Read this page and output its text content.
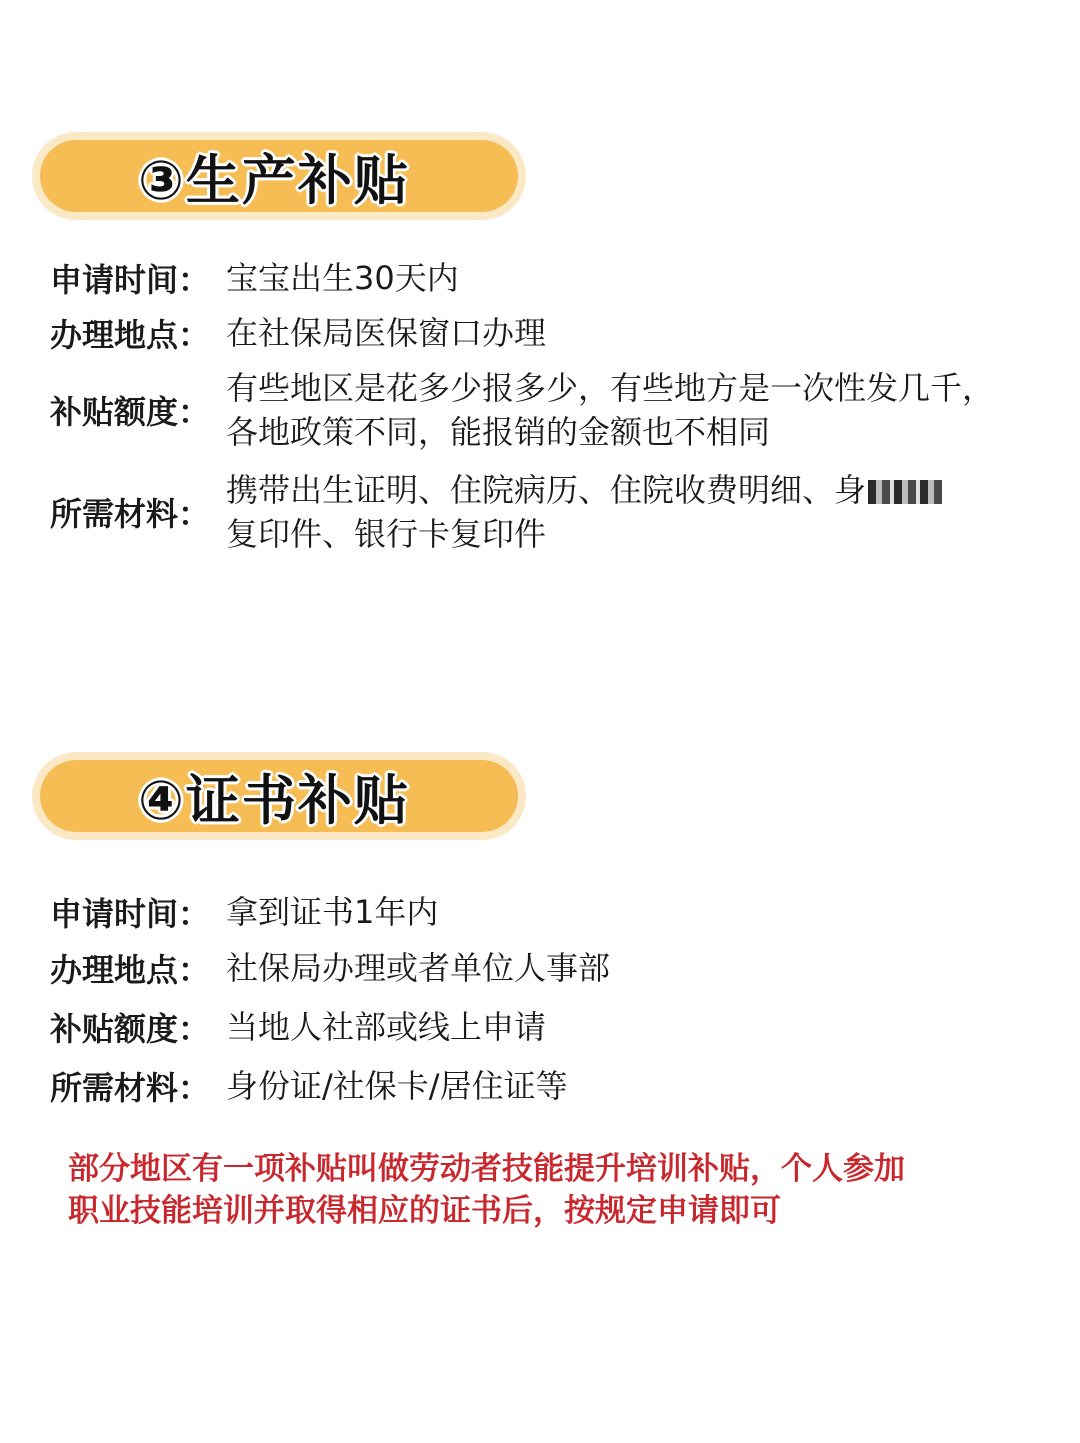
③生产补贴
申请时间： 宝宝出生30天内
办理地点： 在社保局医保窗口办理
补贴额度：
有些地区是花多少报多少，有些地方是一次性发几千，
各地政策不同，能报销的金额也不相同
所需材料：
携带出生证明、住院病历、住院收费明细、身
复印件、银行卡复印件
④证书补贴
申请时间： 拿到证书1年内
办理地点： 社保局办理或者单位人事部
补贴额度： 当地人社部或线上申请
所需材料： 身份证/社保卡/居住证等
部分地区有一项补贴叫做劳动者技能提升培训补贴，个人参加
职业技能培训并取得相应的证书后，按规定申请即可
